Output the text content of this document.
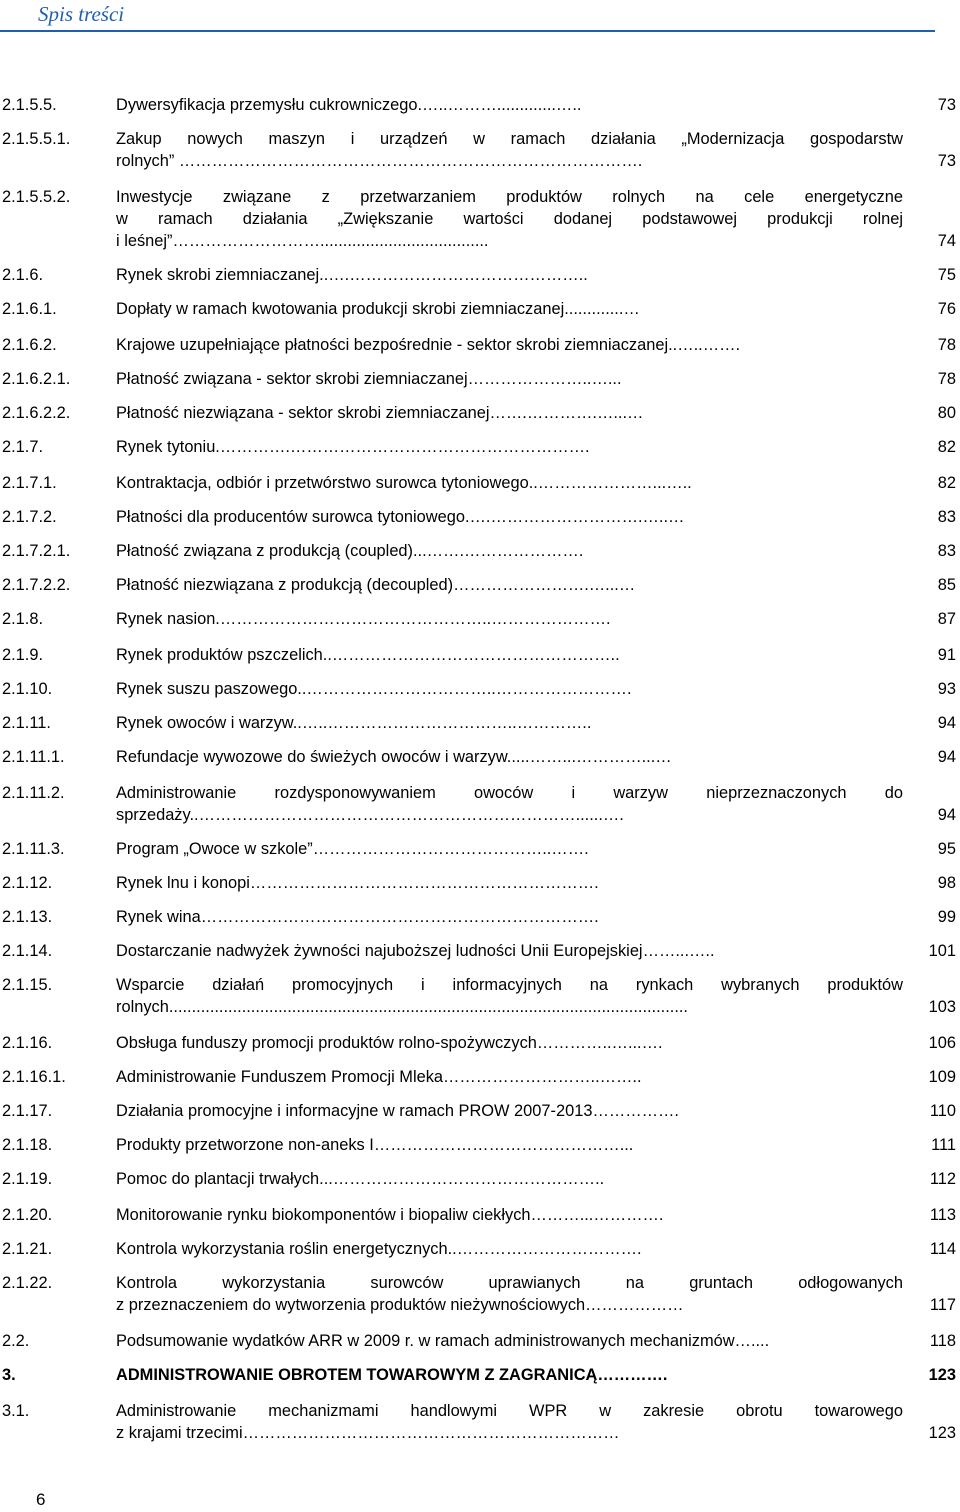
Spis treści
2.1.5.5.	Dywersyfikacja przemysłu cukrowniczego.…..……….............…..	73
2.1.5.5.1.	Zakup nowych maszyn i urządzeń w ramach działania „Modernizacja gospodarstw
rolnych” ………………………………………………………………………….	73
2.1.5.5.2.	Inwestycje związane z przetwarzaniem produktów rolnych na cele energetyczne
w ramach działania „Zwiększanie wartości dodanej podstawowej produkcji rolnej
i leśnej”……………………….....................................	74
2.1.6.	Rynek skrobi ziemniaczanej..….……………………………………..	75
2.1.6.1.	Dopłaty w ramach kwotowania produkcji skrobi ziemniaczanej.............…	76
2.1.6.2.	Krajowe uzupełniające płatności bezpośrednie - sektor skrobi ziemniaczanej..…..…….	78
2.1.6.2.1.	Płatność związana - sektor skrobi ziemniaczanej…………………..…...	78
2.1.6.2.2.	Płatność niezwiązana - sektor skrobi ziemniaczanej…….………….…...…	80
2.1.7.	Rynek tytoniu.………….……………………………………………….	82
2.1.7.1.	Kontraktacja, odbiór i przetwórstwo surowca tytoniowego..…………………...…..	82
2.1.7.2.	Płatności dla producentów surowca tytoniowego.….……………………….…..…	83
2.1.7.2.1.	Płatność związana z produkcją (coupled)...…….………………….	83
2.1.7.2.2.	Płatność niezwiązana z produkcją (decoupled)…………………….…...…	85
2.1.8.	Rynek nasion.…………………………………………..………………….	87
2.1.9.	Rynek produktów pszczelich..……………………………………………..	91
2.1.10.	Rynek suszu paszowego..……………………………..…………………….	93
2.1.11.	Rynek owoców i warzyw..…..……………………………..…………..	94
2.1.11.1.	Refundacje wywozowe do świeżych owoców i warzyw.....……...…………...…	94
2.1.11.2.	Administrowanie rozdysponowywaniem owoców i warzyw nieprzeznaczonych do
sprzedaży..……………………………………………………………......….	94
2.1.11.3.	Program „Owoce w szkole”……………………………………..…….	95
2.1.12.	Rynek lnu i konopi……………………………………………………….	98
2.1.13.	Rynek wina……………………………………………………………….	99
2.1.14.	Dostarczanie nadwyżek żywności najuboższej ludności Unii Europejskiej……...…..	101
2.1.15.	Wsparcie działań promocyjnych i informacyjnych na rynkach wybranych produktów
rolnych..................................................................................................................	103
2.1.16.	Obsługa funduszy promocji produktów rolno-spożywczych…………..…...….	106
2.1.16.1.	Administrowanie Funduszem Promocji Mleka………………………..……..	109
2.1.17.	Działania promocyjne i informacyjne w ramach PROW 2007-2013…………….	110
2.1.18.	Produkty przetworzone non-aneks I………………………………………...	111
2.1.19.	Pomoc do plantacji trwałych...…………………………………………..	112
2.1.20.	Monitorowanie rynku biokomponentów i biopaliw ciekłych………...………….	113
2.1.21.	Kontrola wykorzystania roślin energetycznych..…………………………….	114
2.1.22.	Kontrola wykorzystania surowców uprawianych na gruntach odłogowanych
z przeznaczeniem do wytworzenia produktów nieżywnościowych………………	117
2.2.	Podsumowanie wydatków ARR w 2009 r. w ramach administrowanych mechanizmów…....	118
3.	ADMINISTROWANIE OBROTEM TOWAROWYM Z ZAGRANICĄ………….	123
3.1.	Administrowanie mechanizmami handlowymi WPR w zakresie obrotu towarowego
z krajami trzecimi……………………………………………………………	123
6
